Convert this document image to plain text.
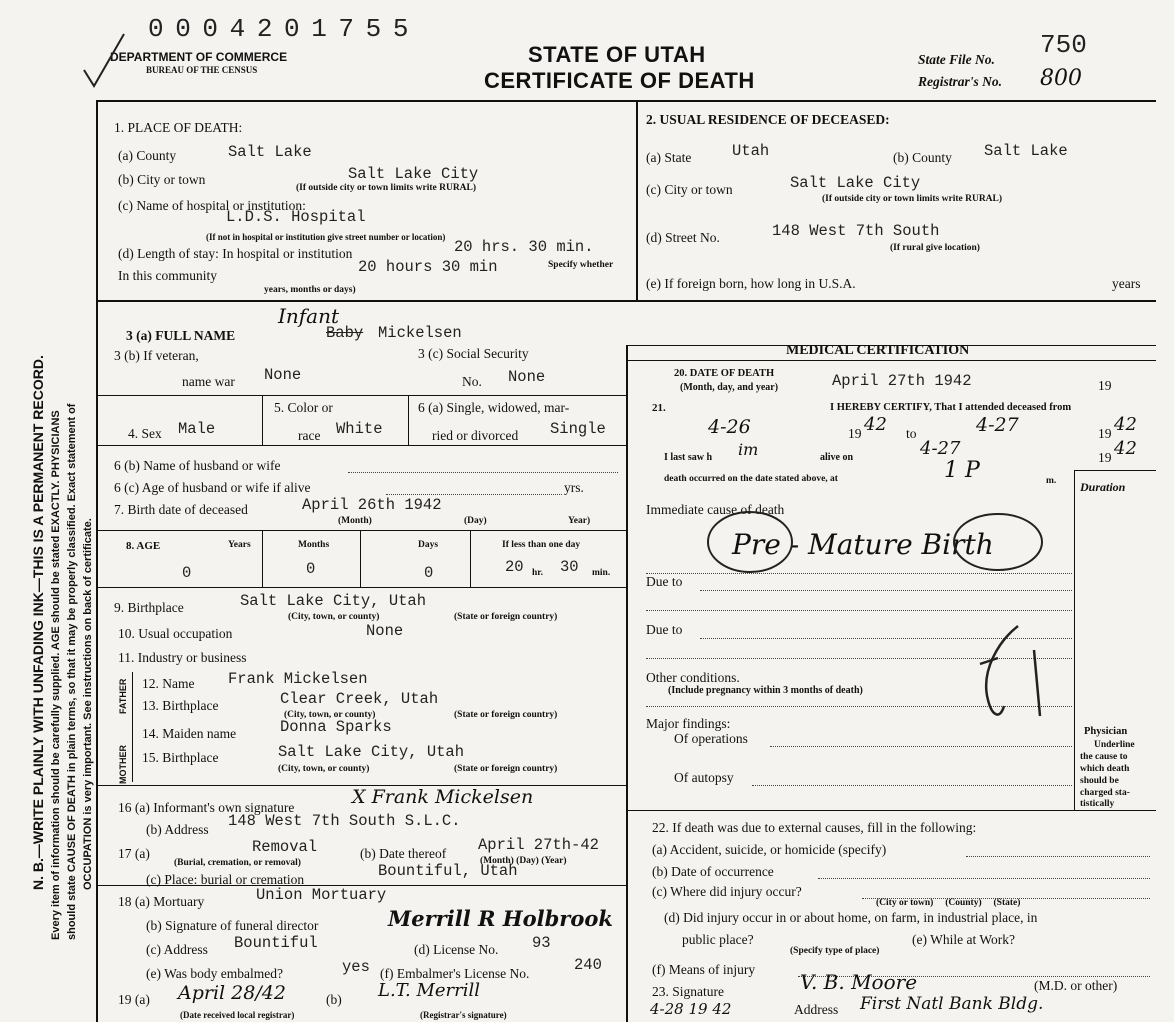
N. B.—WRITE PLAINLY WITH UNFADING INK—THIS IS A PERMANENT RECORD. Every item of information should be carefully supplied. AGE should be stated EXACTLY. PHYSICIANS should state CAUSE OF DEATH in plain terms, so that it may be properly classified. Exact statement of OCCUPATION is very important. See instructions on back of certificate.
0 0 0 4 2 0 1 7 5 5
DEPARTMENT OF COMMERCE
BUREAU OF THE CENSUS
STATE OF UTAH
CERTIFICATE OF DEATH
State File No. 750
Registrar's No. 800
1. PLACE OF DEATH:
(a) County	Salt Lake
(b) City or town	Salt Lake City
(If outside city or town limits write RURAL)
(c) Name of hospital or institution:
L.D.S. Hospital
(If not in hospital or institution give street number or location)
(d) Length of stay: In hospital or institution	20 hrs. 30 min.
In this community	20 hours 30 min	Specify whether
years, months or days)
2. USUAL RESIDENCE OF DECEASED:
(a) State	Utah	(b) County Salt Lake
(c) City or town	Salt Lake City
(If outside city or town limits write RURAL)
(d) Street No.	148 West 7th South
(If rural give location)
(e) If foreign born, how long in U.S.A.	years
3 (a) FULL NAME
Infant
Baby Mickelsen
3 (b) If veteran,
name war None
3 (c) Social Security
No. None
4. Sex Male
5. Color or
race White
6 (a) Single, widowed, mar-
ried or divorced Single
6 (b) Name of husband or wife
6 (c) Age of husband or wife if alive	yrs.
7. Birth date of deceased	April 26th 1942
(Month)	(Day)	Year)
8. AGE	Years	Months	Days	If less than one day
0	0	0	20 hr. 30 min.
9. Birthplace	Salt Lake City, Utah
(City, town, or county)	(State or foreign country)
10. Usual occupation	None
11. Industry or business
FATHER
MOTHER
12. Name Frank Mickelsen
13. Birthplace	Clear Creek, Utah
(City, town, or county)	(State or foreign country)
14. Maiden name	Donna Sparks
15. Birthplace	Salt Lake City, Utah
(City, town, or county)	(State or foreign country)
16 (a) Informant's own signature	X Frank Mickelsen
(b) Address 148 West 7th South S.L.C.
17 (a)	Removal
(Burial, cremation, or removal)
(b) Date thereof April 27th-42
(Month) (Day) (Year)
(c) Place: burial or cremation	Bountiful, Utah
18 (a) Mortuary	Union Mortuary
(b) Signature of funeral director	Merrill R Holbrook
(c) Address Bountiful	(d) License No. 93
(e) Was body embalmed?	yes (f) Embalmer's License No.	240
19 (a) April 28/42	(b) L.T. Merrill
(Date received local registrar)	(Registrar's signature)
MEDICAL CERTIFICATION
20. DATE OF DEATH
(Month, day, and year)	April 27th 1942	19
21.	I HEREBY CERTIFY, That I attended deceased from
4-26	19 42 to	4-27	19 42
I last saw h im	alive on	4-27	19 42
death occurred on the date stated above, at	1 P	m. Duration
Immediate cause of death
Pre - Mature Birth
Due to
Due to
Other conditions.
(Include pregnancy within 3 months of death)
Major findings:
Of operations
Of autopsy
Physician
Underline
the cause to
which death
should be
charged sta-
tistically
22. If death was due to external causes, fill in the following:
(a) Accident, suicide, or homicide (specify)
(b) Date of occurrence
(c) Where did injury occur?
(City or town)     (County)     (State)
(d) Did injury occur in or about home, on farm, in industrial place, in
public place?
(Specify type of place)
(e) While at Work?
(f) Means of injury
23. Signature	V. B. Moore	(M.D. or other)
4-28 19 42	Address First Natl Bank Bldg.
